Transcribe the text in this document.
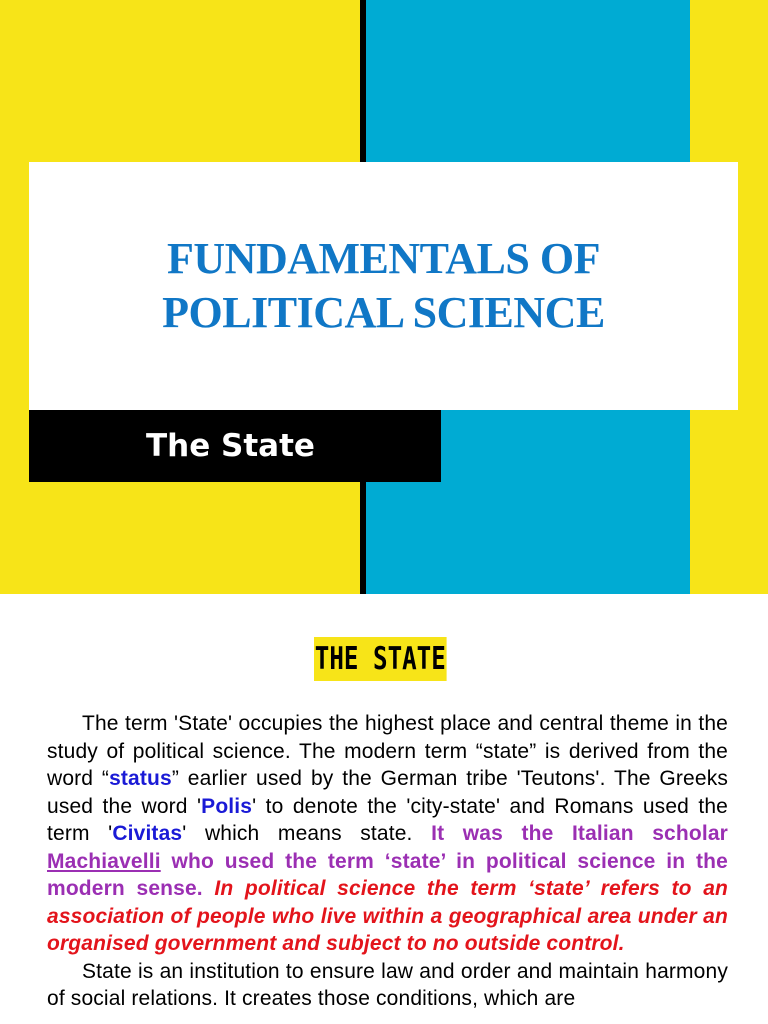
FUNDAMENTALS OF
POLITICAL SCIENCE
The State
THE STATE

The term 'State' occupies the highest place and central theme in the study of political science. The modern term “state” is derived from the word “status” earlier used by the German tribe 'Teutons'. The Greeks used the word 'Polis' to denote the 'city-state' and Romans used the term 'Civitas' which means state. It was the Italian scholar Machiavelli who used the term ‘state’ in political science in the modern sense. In political science the term ‘state’ refers to an association of people who live within a geographical area under an organised government and subject to no outside control.

State is an institution to ensure law and order and maintain harmony of social relations. It creates those conditions, which are
